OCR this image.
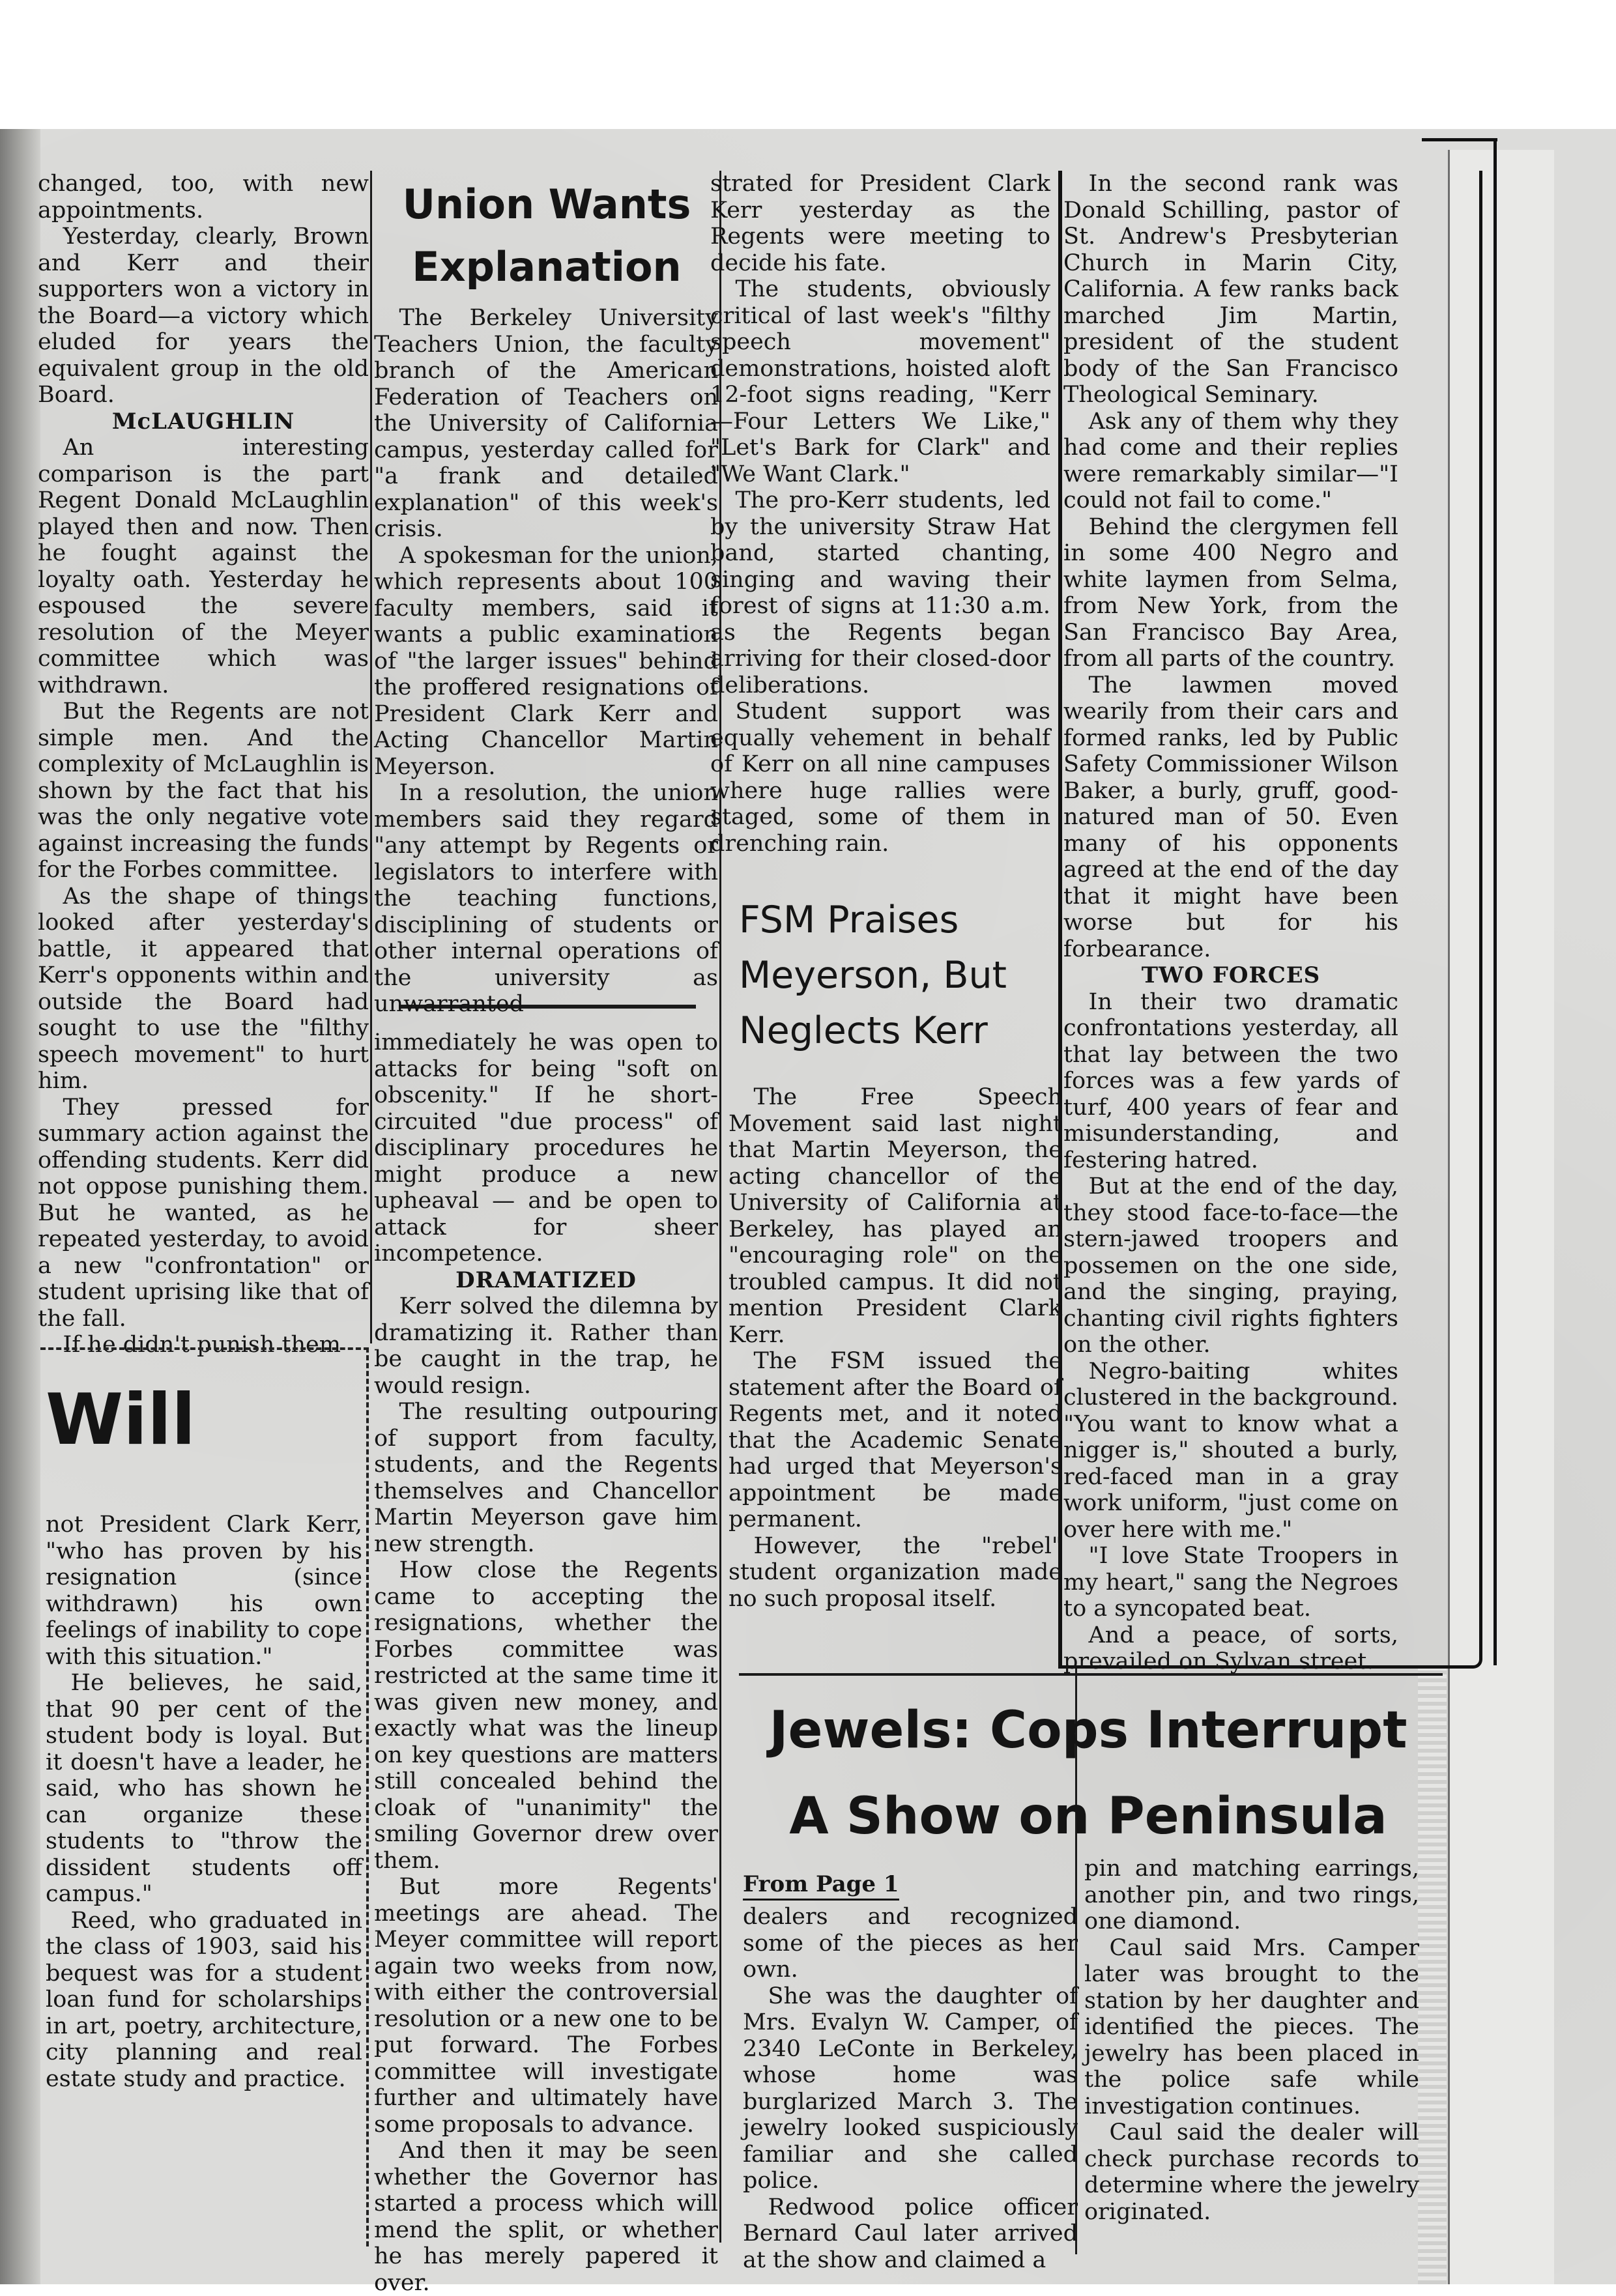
changed, too, with new appointments.

Yesterday, clearly, Brown and Kerr and their supporters won a victory in the Board—a victory which eluded for years the equivalent group in the old Board.

McLAUGHLIN

An interesting comparison is the part Regent Donald McLaughlin played then and now. Then he fought against the loyalty oath. Yesterday he espoused the severe resolution of the Meyer committee which was withdrawn.

But the Regents are not simple men. And the complexity of McLaughlin is shown by the fact that his was the only negative vote against increasing the funds for the Forbes committee.

As the shape of things looked after yesterday's battle, it appeared that Kerr's opponents within and outside the Board had sought to use the "filthy speech movement" to hurt him.

They pressed for summary action against the offending students. Kerr did not oppose punishing them. But he wanted, as he repeated yesterday, to avoid a new "confrontation" or student uprising like that of the fall.

If he didn't punish them

Will

not President Clark Kerr, "who has proven by his resignation (since withdrawn) his own feelings of inability to cope with this situation."

He believes, he said, that 90 per cent of the student body is loyal. But it doesn't have a leader, he said, who has shown he can organize these students to "throw the dissident students off campus."

Reed, who graduated in the class of 1903, said his bequest was for a student loan fund for scholarships in art, poetry, architecture, city planning and real estate study and practice.

Union Wants

Explanation

The Berkeley University Teachers Union, the faculty branch of the American Federation of Teachers on the University of California campus, yesterday called for "a frank and detailed explanation" of this week's crisis.

A spokesman for the union, which represents about 100 faculty members, said it wants a public examination of "the larger issues" behind the proffered resignations of President Clark Kerr and Acting Chancellor Martin Meyerson.

In a resolution, the union members said they regard "any attempt by Regents or legislators to interfere with the teaching functions, disciplining of students or other internal operations of the university as unwarranted

immediately he was open to attacks for being "soft on obscenity." If he short-circuited "due process" of disciplinary procedures he might produce a new upheaval — and be open to attack for sheer incompetence.

DRAMATIZED

Kerr solved the dilemna by dramatizing it. Rather than be caught in the trap, he would resign.

The resulting outpouring of support from faculty, students, and the Regents themselves and Chancellor Martin Meyerson gave him new strength.

How close the Regents came to accepting the resignations, whether the Forbes committee was restricted at the same time it was given new money, and exactly what was the lineup on key questions are matters still concealed behind the cloak of "unanimity" the smiling Governor drew over them.

But more Regents' meetings are ahead. The Meyer committee will report again two weeks from now, with either the controversial resolution or a new one to be put forward. The Forbes committee will investigate further and ultimately have some proposals to advance.

And then it may be seen whether the Governor has started a process which will mend the split, or whether he has merely papered it over.

strated for President Clark Kerr yesterday as the Regents were meeting to decide his fate.

The students, obviously critical of last week's "filthy speech movement" demonstrations, hoisted aloft 12-foot signs reading, "Kerr—Four Letters We Like," "Let's Bark for Clark" and "We Want Clark."

The pro-Kerr students, led by the university Straw Hat band, started chanting, singing and waving their forest of signs at 11:30 a.m. as the Regents began arriving for their closed-door deliberations.

Student support was equally vehement in behalf of Kerr on all nine campuses where huge rallies were staged, some of them in drenching rain.

FSM Praises

Meyerson, But

Neglects Kerr

The Free Speech Movement said last night that Martin Meyerson, the acting chancellor of the University of California at Berkeley, has played an "encouraging role" on the troubled campus. It did not mention President Clark Kerr.

The FSM issued the statement after the Board of Regents met, and it noted that the Academic Senate had urged that Meyerson's appointment be made permanent.

However, the "rebel" student organization made no such proposal itself.

In the second rank was Donald Schilling, pastor of St. Andrew's Presbyterian Church in Marin City, California. A few ranks back marched Jim Martin, president of the student body of the San Francisco Theological Seminary.

Ask any of them why they had come and their replies were remarkably similar—"I could not fail to come."

Behind the clergymen fell in some 400 Negro and white laymen from Selma, from New York, from the San Francisco Bay Area, from all parts of the country.

The lawmen moved wearily from their cars and formed ranks, led by Public Safety Commissioner Wilson Baker, a burly, gruff, good-natured man of 50. Even many of his opponents agreed at the end of the day that it might have been worse but for his forbearance.

TWO FORCES

In their two dramatic confrontations yesterday, all that lay between the two forces was a few yards of turf, 400 years of fear and misunderstanding, and festering hatred.

But at the end of the day, they stood face-to-face—the stern-jawed troopers and possemen on the one side, and the singing, praying, chanting civil rights fighters on the other.

Negro-baiting whites clustered in the background. "You want to know what a nigger is," shouted a burly, red-faced man in a gray work uniform, "just come on over here with me."

"I love State Troopers in my heart," sang the Negroes to a syncopated beat.

And a peace, of sorts, prevailed on Sylvan street.

Jewels: Cops Interrupt

A Show on Peninsula

From Page 1

dealers and recognized some of the pieces as her own.

She was the daughter of Mrs. Evalyn W. Camper, of 2340 LeConte in Berkeley, whose home was burglarized March 3. The jewelry looked suspiciously familiar and she called police.

Redwood police officer Bernard Caul later arrived at the show and claimed a

pin and matching earrings, another pin, and two rings, one diamond.

Caul said Mrs. Camper later was brought to the station by her daughter and identified the pieces. The jewelry has been placed in the police safe while investigation continues.

Caul said the dealer will check purchase records to determine where the jewelry originated.
